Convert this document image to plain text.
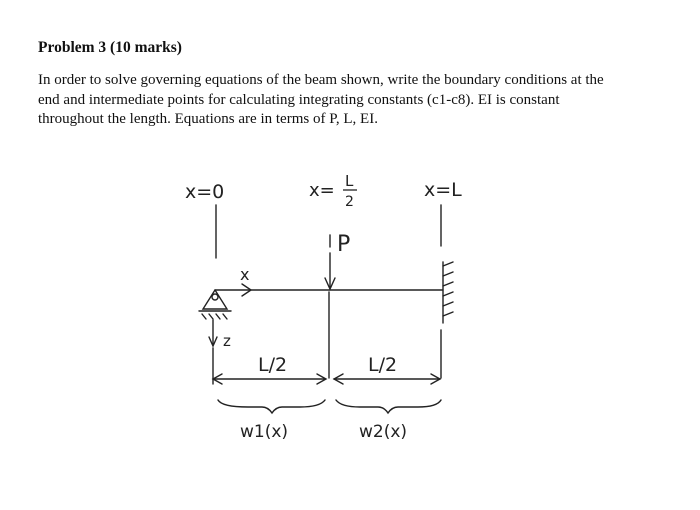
Problem 3 (10 marks)
In order to solve governing equations of the beam shown, write the boundary conditions at the
end and intermediate points for calculating integrating constants (c1-c8). EI is constant
throughout the length. Equations are in terms of P, L, EI.
x=0	x= L
2
x=L
P
x
z
L/2	L/2
w1(x)	w2(x)
